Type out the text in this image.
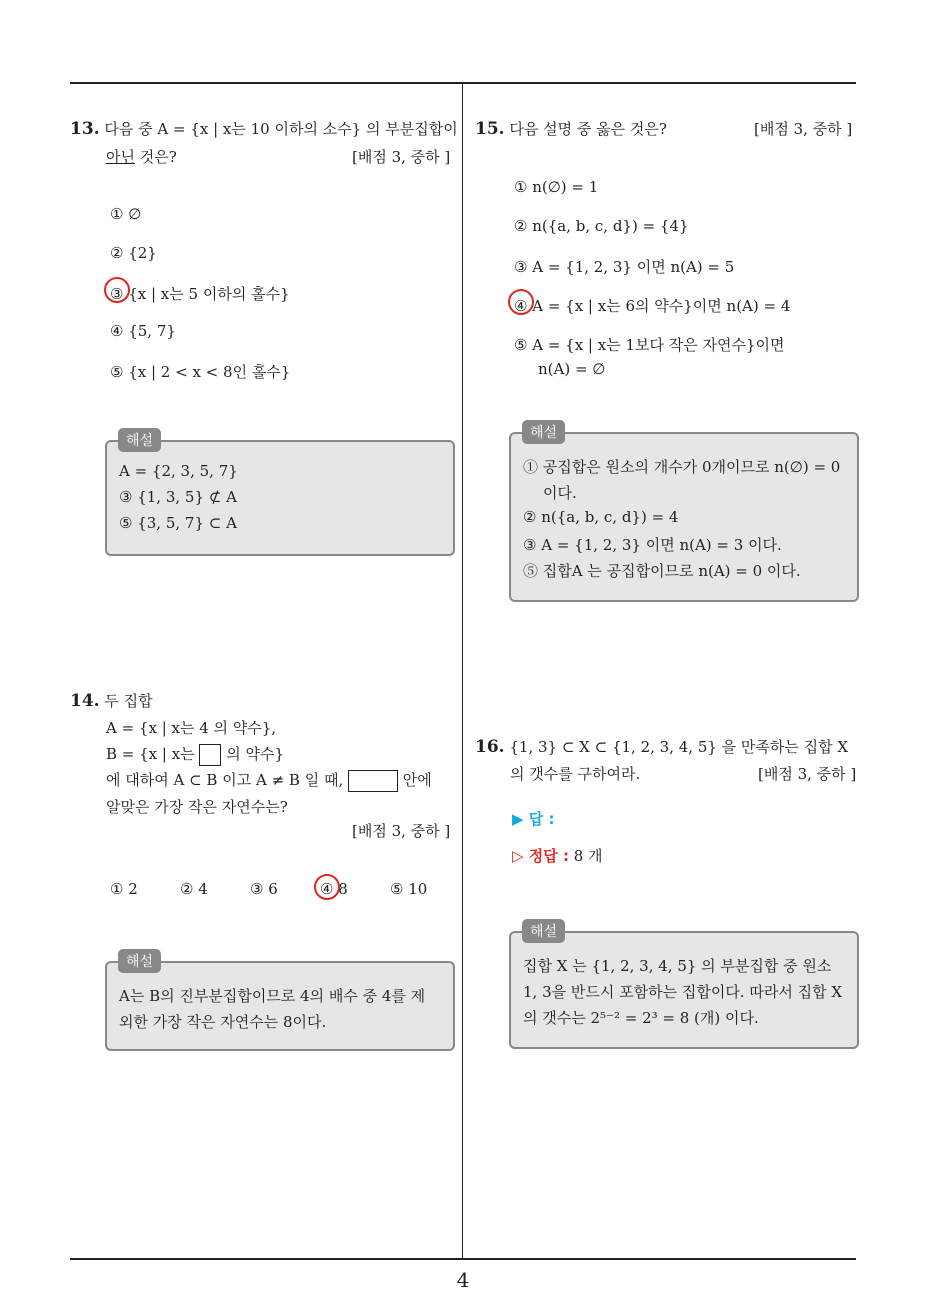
4
13. 다음 중 A = {x | x는 10 이하의 소수} 의 부분집합이
아닌 것은?	[배점 3, 중하 ]
① ∅
② {2}
③ {x | x는 5 이하의 홀수}
④ {5, 7}
⑤ {x | 2 < x < 8인 홀수}
A = {2, 3, 5, 7}
③ {1, 3, 5} ⊄ A
⑤ {3, 5, 7} ⊂ A
해설
14. 두 집합
A = {x | x는 4 의 약수},
B = {x | x는 의 약수}
에 대하여 A ⊂ B 이고 A ≠ B 일 때,	안에
알맞은 가장 작은 자연수는?
[배점 3, 중하 ]
① 2	② 4	③ 6	④ 8	⑤ 10
A는 B의 진부분집합이므로 4의 배수 중 4를 제
외한 가장 작은 자연수는 8이다.
해설
15. 다음 설명 중 옳은 것은?	[배점 3, 중하 ]
① n(∅) = 1
② n({a, b, c, d}) = {4}
③ A = {1, 2, 3} 이면 n(A) = 5
④ A = {x | x는 6의 약수}이면 n(A) = 4
⑤ A = {x | x는 1보다 작은 자연수}이면
n(A) = ∅
① 공집합은 원소의 개수가 0개이므로 n(∅) = 0
이다.
② n({a, b, c, d}) = 4
③ A = {1, 2, 3} 이면 n(A) = 3 이다.
⑤ 집합A 는 공집합이므로 n(A) = 0 이다.
해설
16. {1, 3} ⊂ X ⊂ {1, 2, 3, 4, 5} 을 만족하는 집합 X
의 갯수를 구하여라.	[배점 3, 중하 ]
▶ 답 :
▷ 정답 : 8 개
집합 X 는 {1, 2, 3, 4, 5} 의 부분집합 중 원소
1, 3을 반드시 포함하는 집합이다. 따라서 집합 X
의 갯수는 2⁵⁻² = 2³ = 8 (개) 이다.
해설
